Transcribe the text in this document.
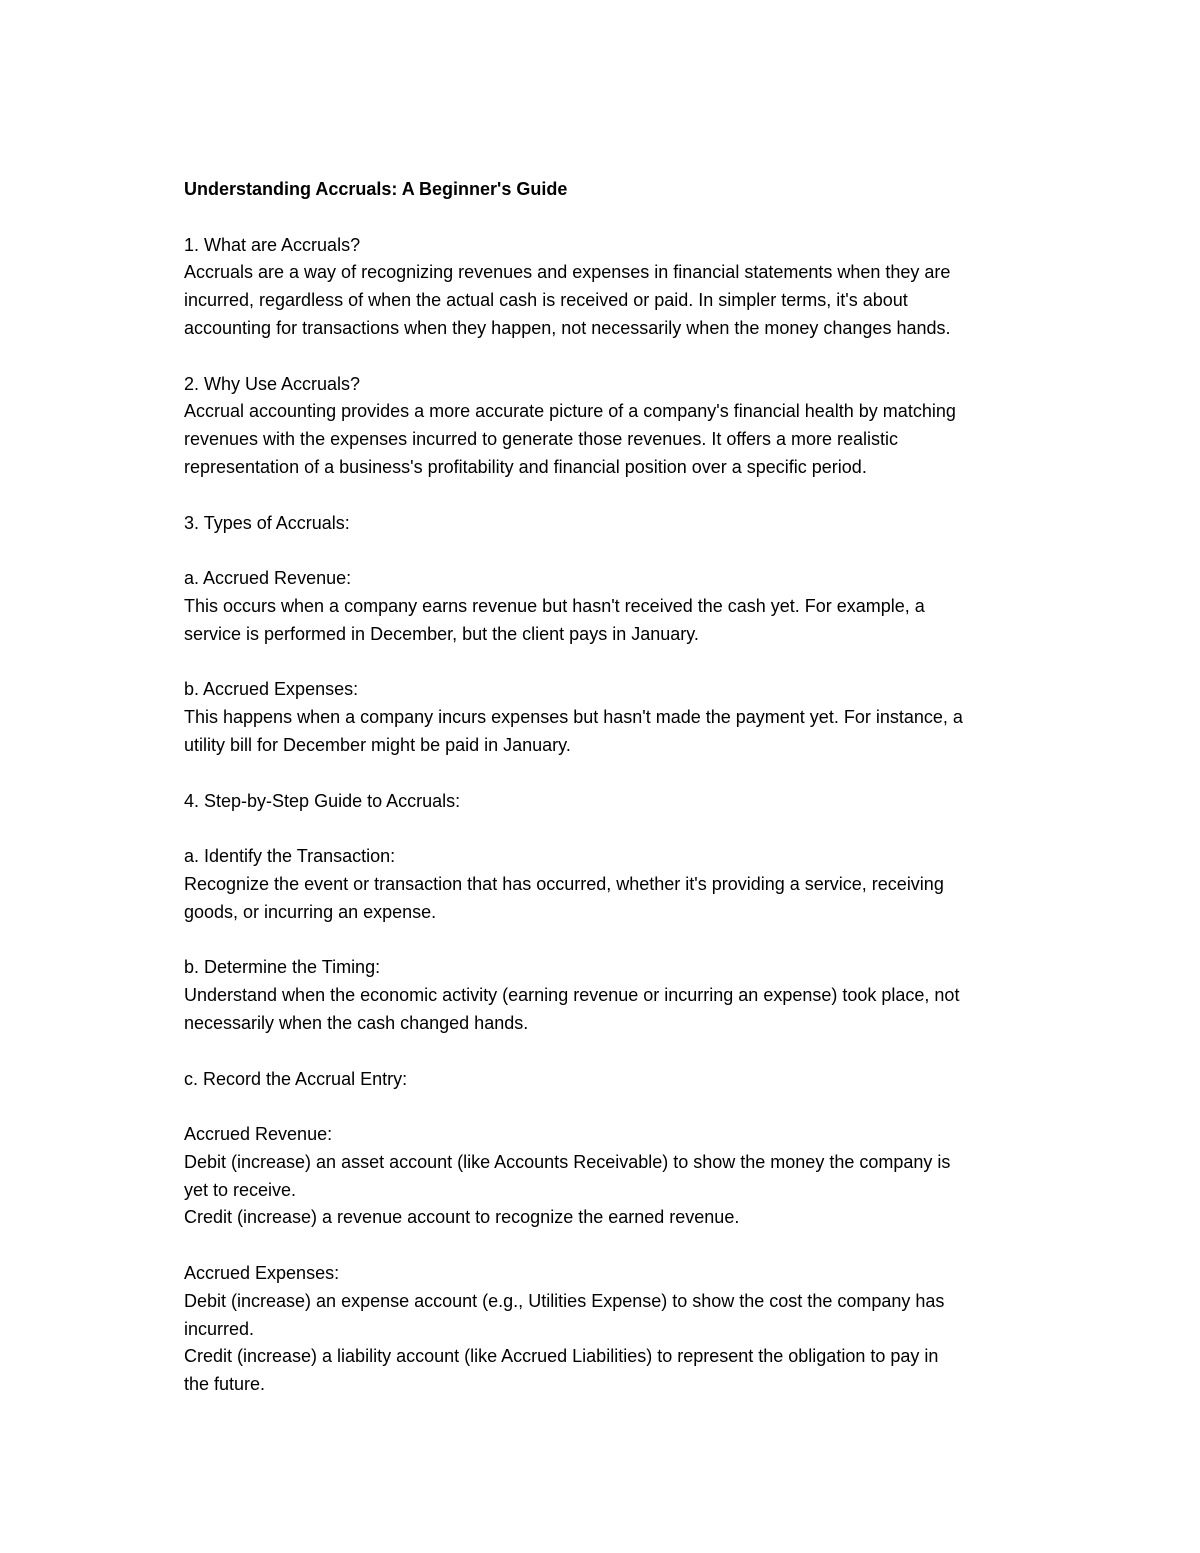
Understanding Accruals: A Beginner's Guide

1. What are Accruals?

Accruals are a way of recognizing revenues and expenses in financial statements when they are

incurred, regardless of when the actual cash is received or paid. In simpler terms, it's about

accounting for transactions when they happen, not necessarily when the money changes hands.

2. Why Use Accruals?

Accrual accounting provides a more accurate picture of a company's financial health by matching

revenues with the expenses incurred to generate those revenues. It offers a more realistic

representation of a business's profitability and financial position over a specific period.

3. Types of Accruals:

a. Accrued Revenue:

This occurs when a company earns revenue but hasn't received the cash yet. For example, a

service is performed in December, but the client pays in January.

b. Accrued Expenses:

This happens when a company incurs expenses but hasn't made the payment yet. For instance, a

utility bill for December might be paid in January.

4. Step-by-Step Guide to Accruals:

a. Identify the Transaction:

Recognize the event or transaction that has occurred, whether it's providing a service, receiving

goods, or incurring an expense.

b. Determine the Timing:

Understand when the economic activity (earning revenue or incurring an expense) took place, not

necessarily when the cash changed hands.

c. Record the Accrual Entry:

Accrued Revenue:

Debit (increase) an asset account (like Accounts Receivable) to show the money the company is

yet to receive.

Credit (increase) a revenue account to recognize the earned revenue.

Accrued Expenses:

Debit (increase) an expense account (e.g., Utilities Expense) to show the cost the company has

incurred.

Credit (increase) a liability account (like Accrued Liabilities) to represent the obligation to pay in

the future.
